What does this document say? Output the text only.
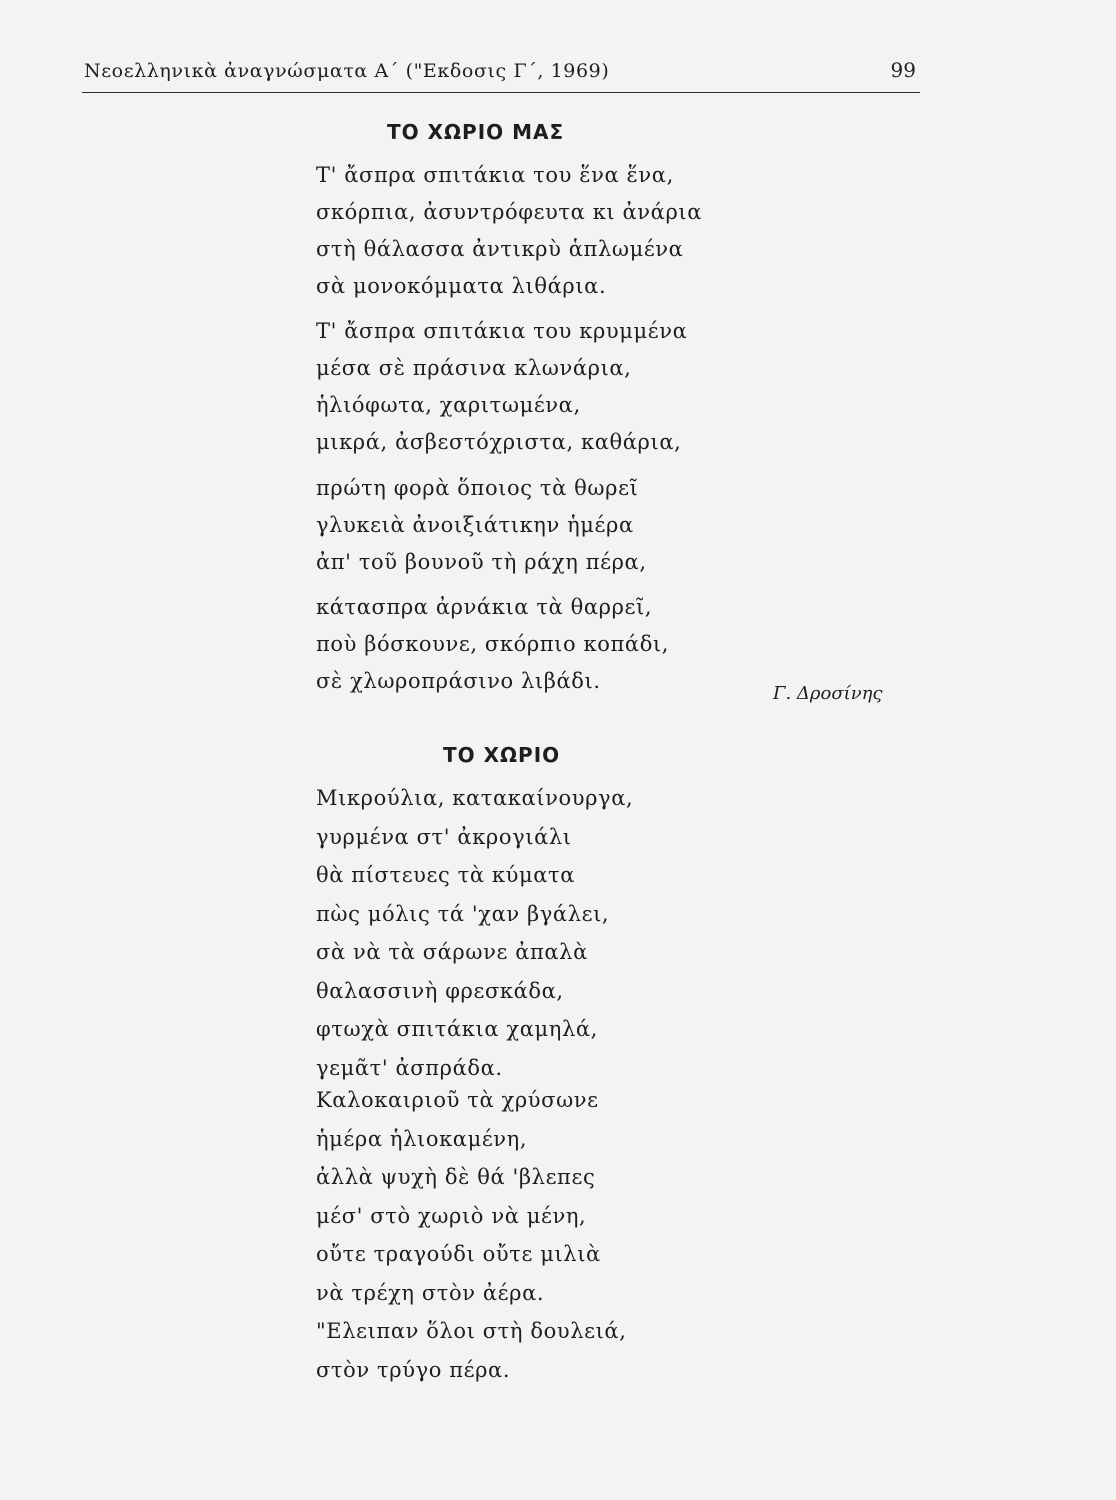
Νεοελληνικὰ ἀναγνώσματα Α΄ ("Εκδοσις Γ΄, 1969)	99
ΤΟ ΧΩΡΙΟ ΜΑΣ
Τ' ἄσπρα σπιτάκια του ἕνα ἕνα,
σκόρπια, ἀσυντρόφευτα κι ἀνάρια
στὴ θάλασσα ἀντικρὺ ἁπλωμένα
σὰ μονοκόμματα λιθάρια.
Τ' ἄσπρα σπιτάκια του κρυμμένα
μέσα σὲ πράσινα κλωνάρια,
ἡλιόφωτα, χαριτωμένα,
μικρά, ἀσβεστόχριστα, καθάρια,
πρώτη φορὰ ὅποιος τὰ θωρεῖ
γλυκειὰ ἀνοιξιάτικην ἡμέρα
ἀπ' τοῦ βουνοῦ τὴ ράχη πέρα,
κάτασπρα ἀρνάκια τὰ θαρρεῖ,
ποὺ βόσκουνε, σκόρπιο κοπάδι,
σὲ χλωροπράσινο λιβάδι.
Γ. Δροσίνης
ΤΟ ΧΩΡΙΟ
Μικρούλια, κατακαίνουργα,
γυρμένα στ' ἀκρογιάλι
θὰ πίστευες τὰ κύματα
πὼς μόλις τά 'χαν βγάλει,
σὰ νὰ τὰ σάρωνε ἀπαλὰ
θαλασσινὴ φρεσκάδα,
φτωχὰ σπιτάκια χαμηλά,
γεμᾶτ' ἀσπράδα.
Καλοκαιριοῦ τὰ χρύσωνε
ἡμέρα ἡλιοκαμένη,
ἀλλὰ ψυχὴ δὲ θά 'βλεπες
μέσ' στὸ χωριὸ νὰ μένη,
οὔτε τραγούδι οὔτε μιλιὰ
νὰ τρέχη στὸν ἀέρα.
"Ελειπαν ὅλοι στὴ δουλειά,
στὸν τρύγο πέρα.
